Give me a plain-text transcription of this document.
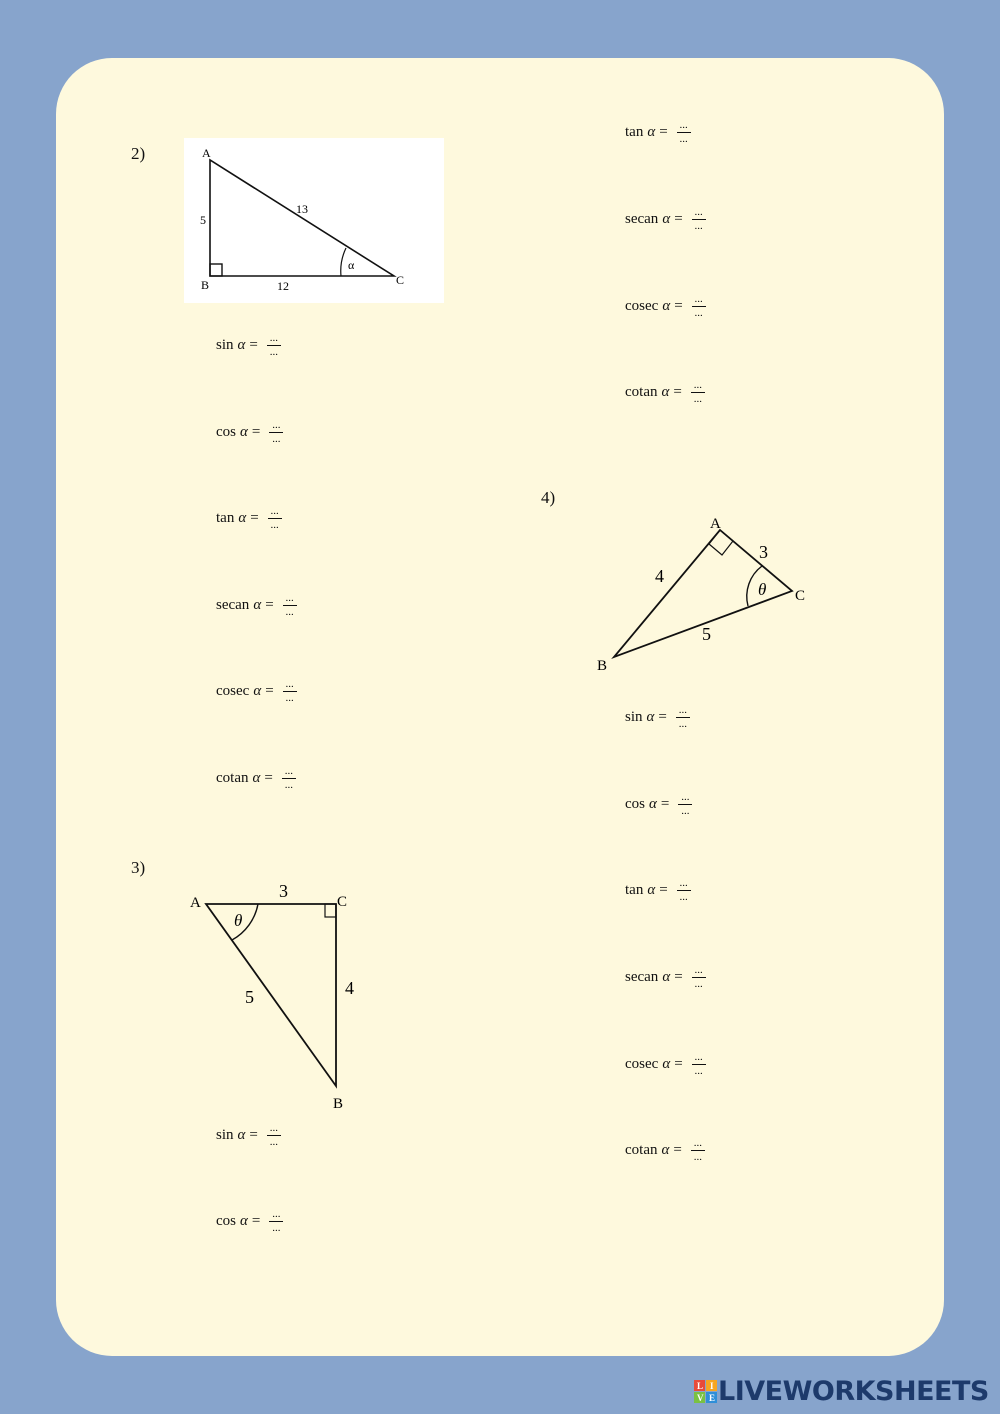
2)	A
B	C
5
13
12
α
3)
A	C
B
3
5	4
θ
4)
A
C
B
4
3
5
θ
sin α =
...
...
cos α =
...
...
tan α =
...
...
secan α =
...
...
cosec α =
...
...
cotan α =
...
...
sin α =
...
...
cos α =
...
...
tan α =
...
...
secan α =
...
...
cosec α =
...
...
cotan α =
...
...
sin α =
...
...
cos α =
...
...
tan α =
...
...
secan α =
...
...
cosec α =
...
...
cotan α =
...
...
L I
V E LIVEWORKSHEETS
